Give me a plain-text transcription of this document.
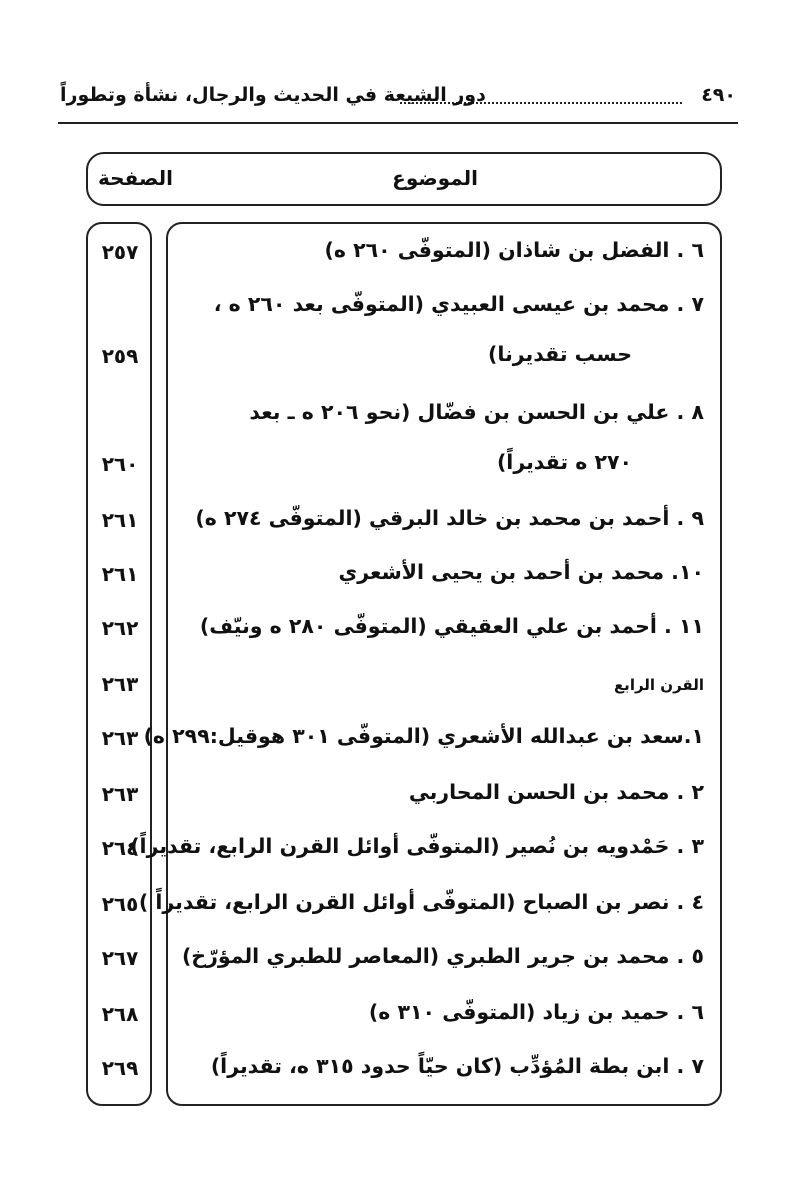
٤٩٠
دور الشيعة في الحديث والرجال، نشأة وتطوراً
الموضوع
الصفحة
٦ . الفضل بن شاذان (المتوفّى ٢٦٠ ه)
٢٥٧
٧ . محمد بن عيسى العبيدي (المتوفّى بعد ٢٦٠ ه ،
حسب تقديرنا)
٢٥٩
٨ . علي بن الحسن بن فضّال (نحو ٢٠٦ ه ـ بعد
٢٧٠ ه تقديراً)
٢٦٠
٩ . أحمد بن محمد بن خالد البرقي (المتوفّى ٢٧٤ ه)
٢٦١
١٠. محمد بن أحمد بن يحيى الأشعري
٢٦١
١١ . أحمد بن علي العقيقي (المتوفّى ٢٨٠ ه ونيّف)
٢٦٢
القرن الرابع
٢٦٣
١.سعد بن عبدالله الأشعري (المتوفّى ٣٠١ هوقيل:٢٩٩ ه)
٢٦٣
٢ . محمد بن الحسن المحاربي
٢٦٣
٣ . حَمْدويه بن نُصير (المتوفّى أوائل القرن الرابع، تقديراً)
٢٦٤
٤ . نصر بن الصباح (المتوفّى أوائل القرن الرابع، تقديراً )
٢٦٥
٥ . محمد بن جرير الطبري (المعاصر للطبري المؤرّخ)
٢٦٧
٦ . حميد بن زياد (المتوفّى ٣١٠ ه)
٢٦٨
٧ . ابن بطة المُؤدِّب (كان حيّاً حدود ٣١٥ ه، تقديراً)
٢٦٩
